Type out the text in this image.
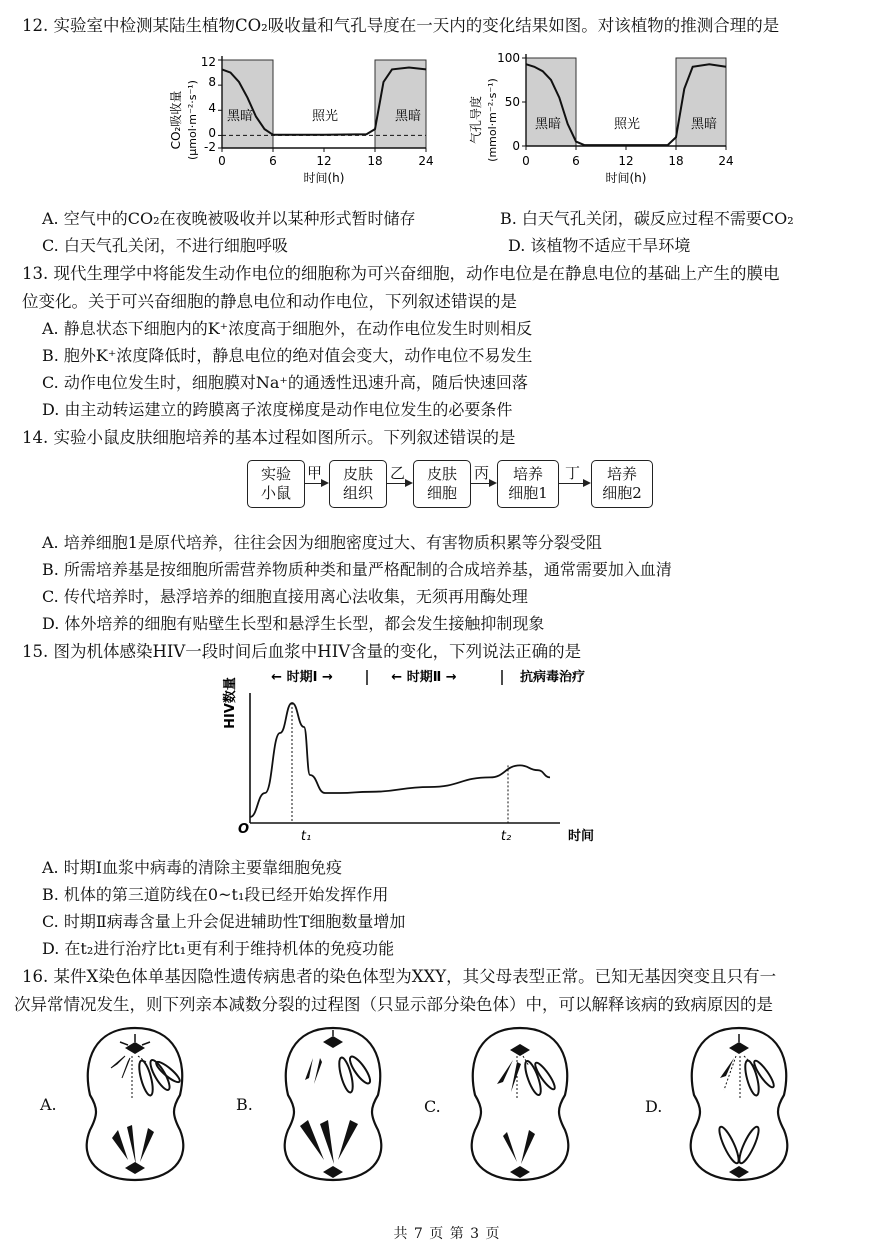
12. 实验室中检测某陆生植物CO₂吸收量和气孔导度在一天内的变化结果如图。对该植物的推测合理的是
CO₂吸收量 (μmol·m⁻²·s⁻¹) 黑暗	照光	黑暗
12
8
4
0
-2
0	6	12	18	24
时间(h)
气孔导度 (mmol·m⁻²·s⁻¹)	黑暗	照光	黑暗
100
50
0
0	6	12	18	24
时间(h)
A. 空气中的CO₂在夜晚被吸收并以某种形式暂时储存	B. 白天气孔关闭，碳反应过程不需要CO₂
C. 白天气孔关闭，不进行细胞呼吸	D. 该植物不适应干旱环境
13. 现代生理学中将能发生动作电位的细胞称为可兴奋细胞，动作电位是在静息电位的基础上产生的膜电
位变化。关于可兴奋细胞的静息电位和动作电位，下列叙述错误的是
A. 静息状态下细胞内的K⁺浓度高于细胞外，在动作电位发生时则相反
B. 胞外K⁺浓度降低时，静息电位的绝对值会变大，动作电位不易发生
C. 动作电位发生时，细胞膜对Na⁺的通透性迅速升高，随后快速回落
D. 由主动转运建立的跨膜离子浓度梯度是动作电位发生的必要条件
14. 实验小鼠皮肤细胞培养的基本过程如图所示。下列叙述错误的是
实验
小鼠
甲 皮肤
组织
乙 皮肤
细胞
丙 培养
细胞1
丁 培养
细胞2
A. 培养细胞1是原代培养，往往会因为细胞密度过大、有害物质积累等分裂受阻
B. 所需培养基是按细胞所需营养物质种类和量严格配制的合成培养基，通常需要加入血清
C. 传代培养时，悬浮培养的细胞直接用离心法收集，无须再用酶处理
D. 体外培养的细胞有贴壁生长型和悬浮生长型，都会发生接触抑制现象
15. 图为机体感染HIV一段时间后血浆中HIV含量的变化，下列说法正确的是
HIV数量	← 时期Ⅰ →	← 时期Ⅱ →	抗病毒治疗
O	t₁	t₂	时间
A. 时期Ⅰ血浆中病毒的清除主要靠细胞免疫
B. 机体的第三道防线在0~t₁段已经开始发挥作用
C. 时期Ⅱ病毒含量上升会促进辅助性T细胞数量增加
D. 在t₂进行治疗比t₁更有利于维持机体的免疫功能
16. 某件X染色体单基因隐性遗传病患者的染色体型为XXY，其父母表型正常。已知无基因突变且只有一
次异常情况发生，则下列亲本减数分裂的过程图（只显示部分染色体）中，可以解释该病的致病原因的是
A.	B.	C.	D.
共 7 页 第 3 页
